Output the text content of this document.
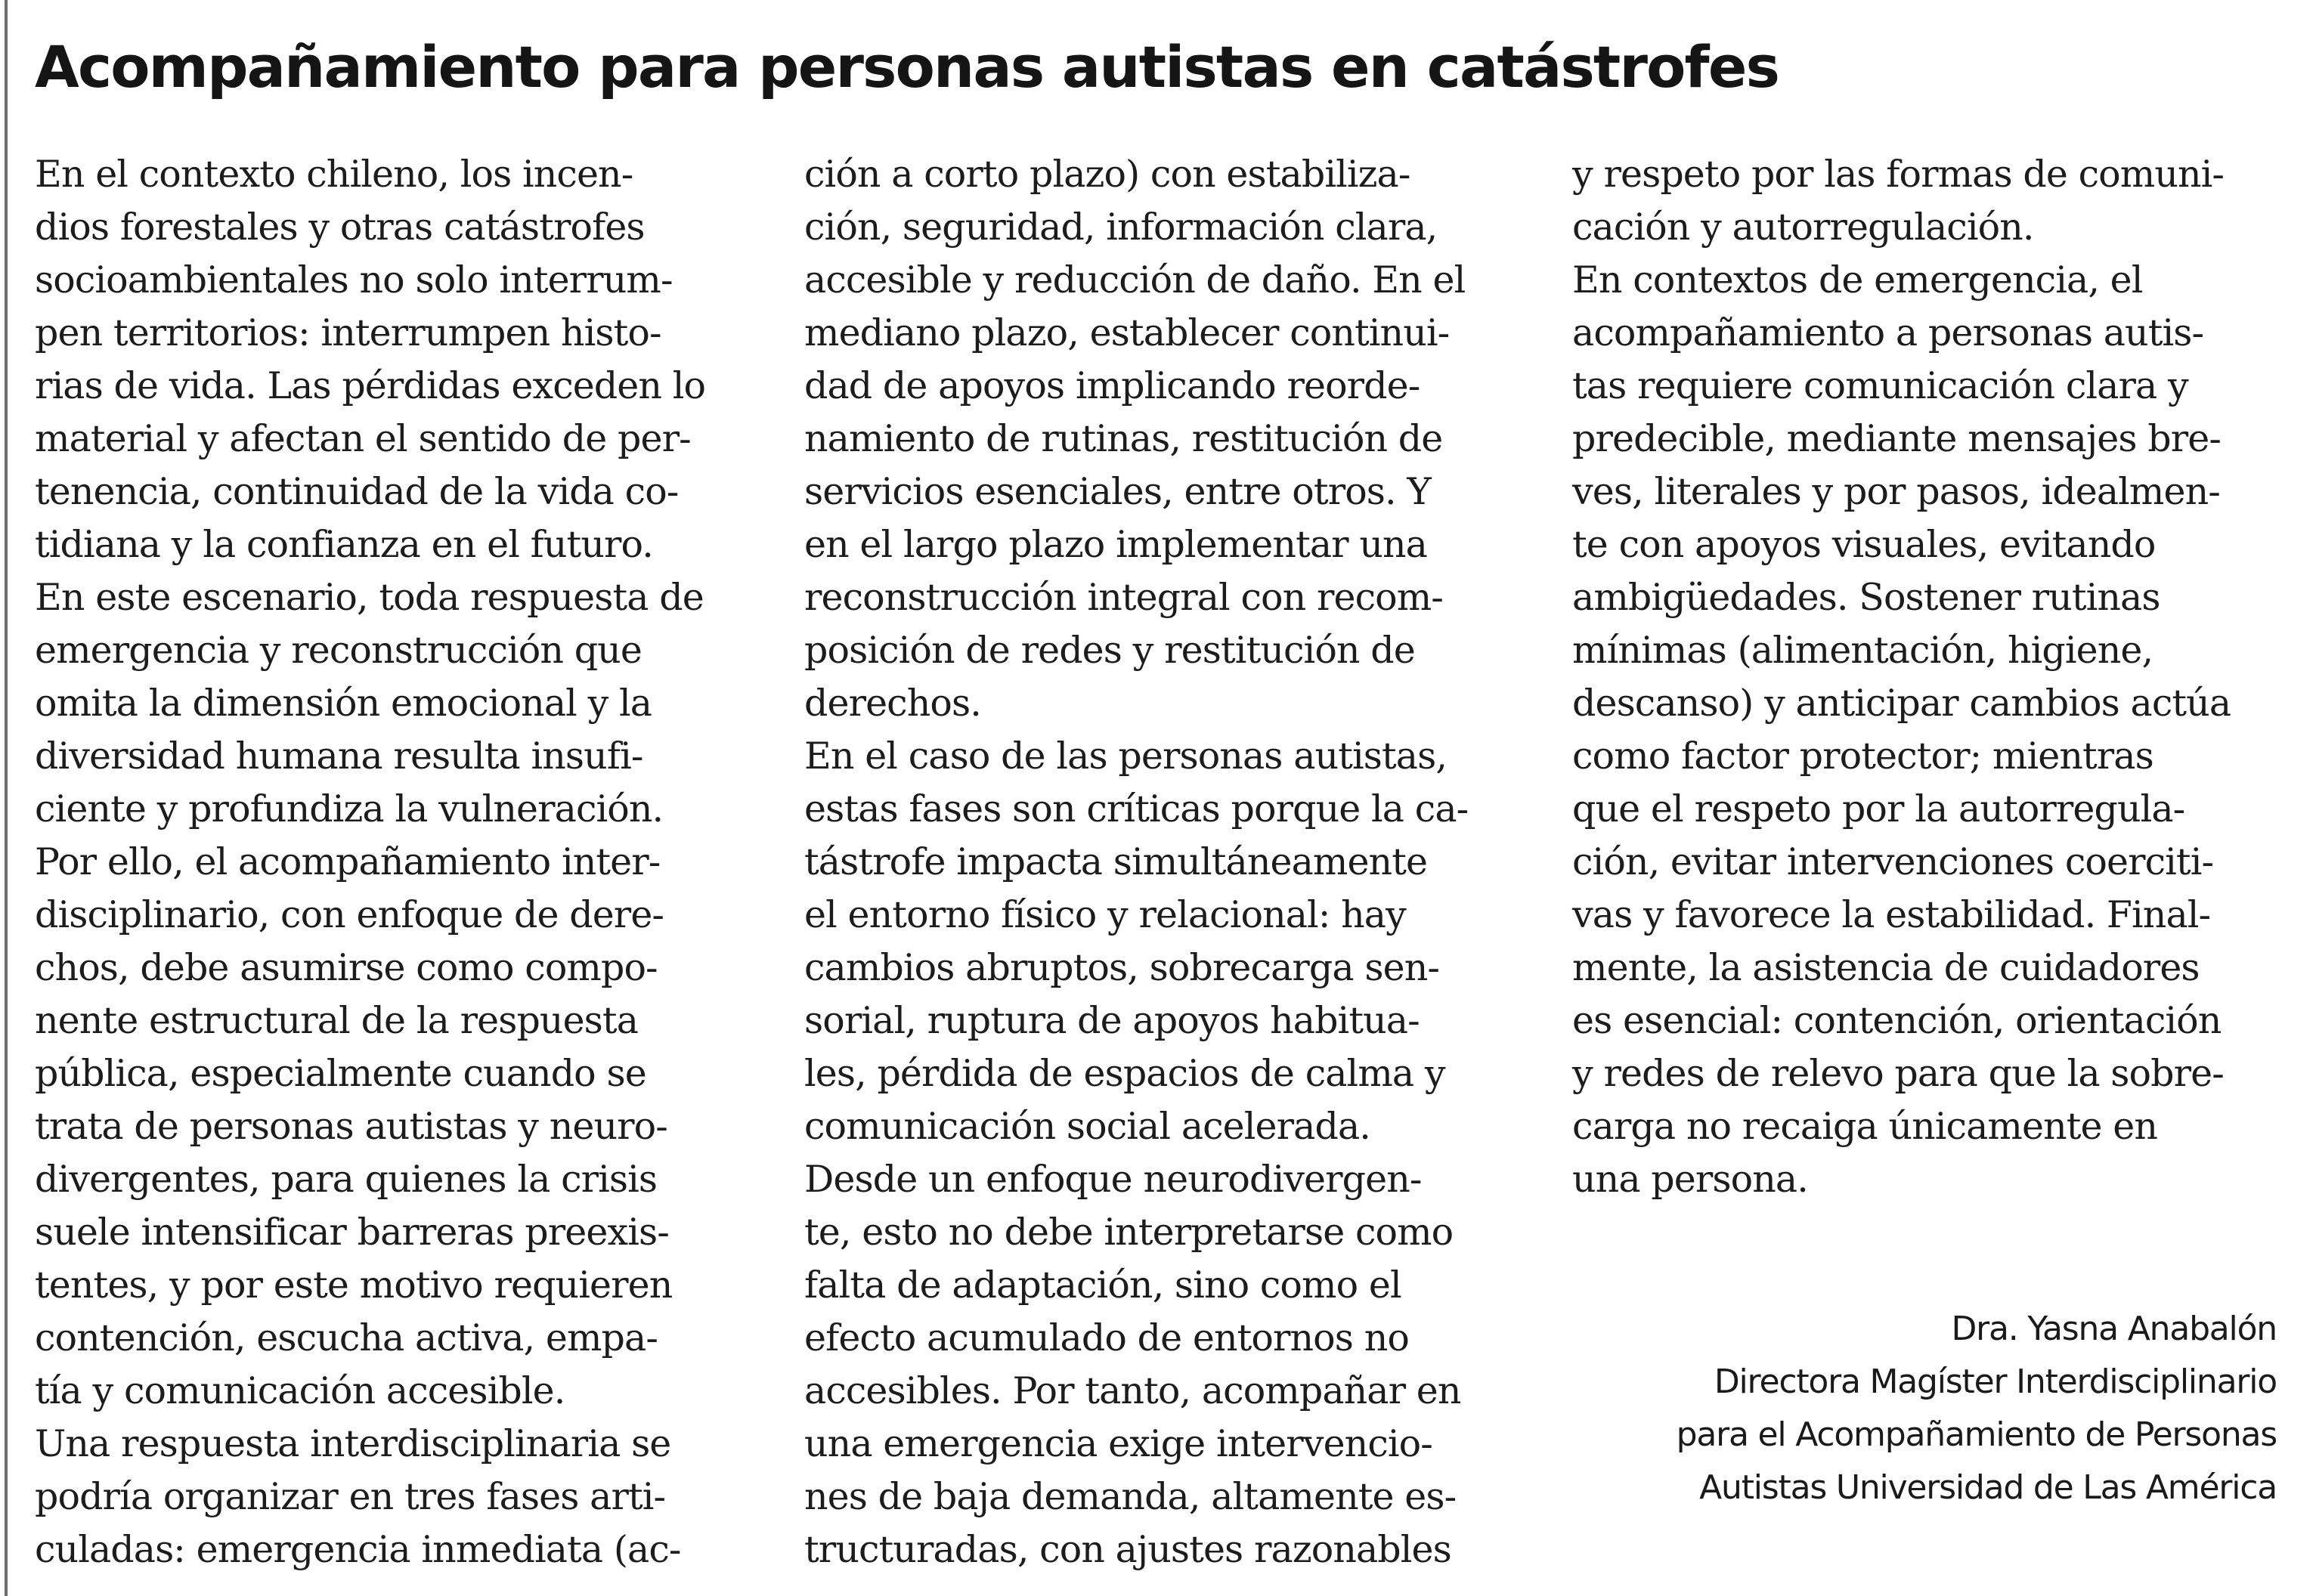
Acompañamiento para personas autistas en catástrofes
En el contexto chileno, los incen-
dios forestales y otras catástrofes
socioambientales no solo interrum-
pen territorios: interrumpen histo-
rias de vida. Las pérdidas exceden lo
material y afectan el sentido de per-
tenencia, continuidad de la vida co-
tidiana y la confianza en el futuro.
En este escenario, toda respuesta de
emergencia y reconstrucción que
omita la dimensión emocional y la
diversidad humana resulta insufi-
ciente y profundiza la vulneración.
Por ello, el acompañamiento inter-
disciplinario, con enfoque de dere-
chos, debe asumirse como compo-
nente estructural de la respuesta
pública, especialmente cuando se
trata de personas autistas y neuro-
divergentes, para quienes la crisis
suele intensificar barreras preexis-
tentes, y por este motivo requieren
contención, escucha activa, empa-
tía y comunicación accesible.
Una respuesta interdisciplinaria se
podría organizar en tres fases arti-
culadas: emergencia inmediata (ac-
ción a corto plazo) con estabiliza-
ción, seguridad, información clara,
accesible y reducción de daño. En el
mediano plazo, establecer continui-
dad de apoyos implicando reorde-
namiento de rutinas, restitución de
servicios esenciales, entre otros. Y
en el largo plazo implementar una
reconstrucción integral con recom-
posición de redes y restitución de
derechos.
En el caso de las personas autistas,
estas fases son críticas porque la ca-
tástrofe impacta simultáneamente
el entorno físico y relacional: hay
cambios abruptos, sobrecarga sen-
sorial, ruptura de apoyos habitua-
les, pérdida de espacios de calma y
comunicación social acelerada.
Desde un enfoque neurodivergen-
te, esto no debe interpretarse como
falta de adaptación, sino como el
efecto acumulado de entornos no
accesibles. Por tanto, acompañar en
una emergencia exige intervencio-
nes de baja demanda, altamente es-
tructuradas, con ajustes razonables
y respeto por las formas de comuni-
cación y autorregulación.
En contextos de emergencia, el
acompañamiento a personas autis-
tas requiere comunicación clara y
predecible, mediante mensajes bre-
ves, literales y por pasos, idealmen-
te con apoyos visuales, evitando
ambigüedades. Sostener rutinas
mínimas (alimentación, higiene,
descanso) y anticipar cambios actúa
como factor protector; mientras
que el respeto por la autorregula-
ción, evitar intervenciones coerciti-
vas y favorece la estabilidad. Final-
mente, la asistencia de cuidadores
es esencial: contención, orientación
y redes de relevo para que la sobre-
carga no recaiga únicamente en
una persona.
Dra. Yasna Anabalón
Directora Magíster Interdisciplinario
para el Acompañamiento de Personas
Autistas Universidad de Las América
